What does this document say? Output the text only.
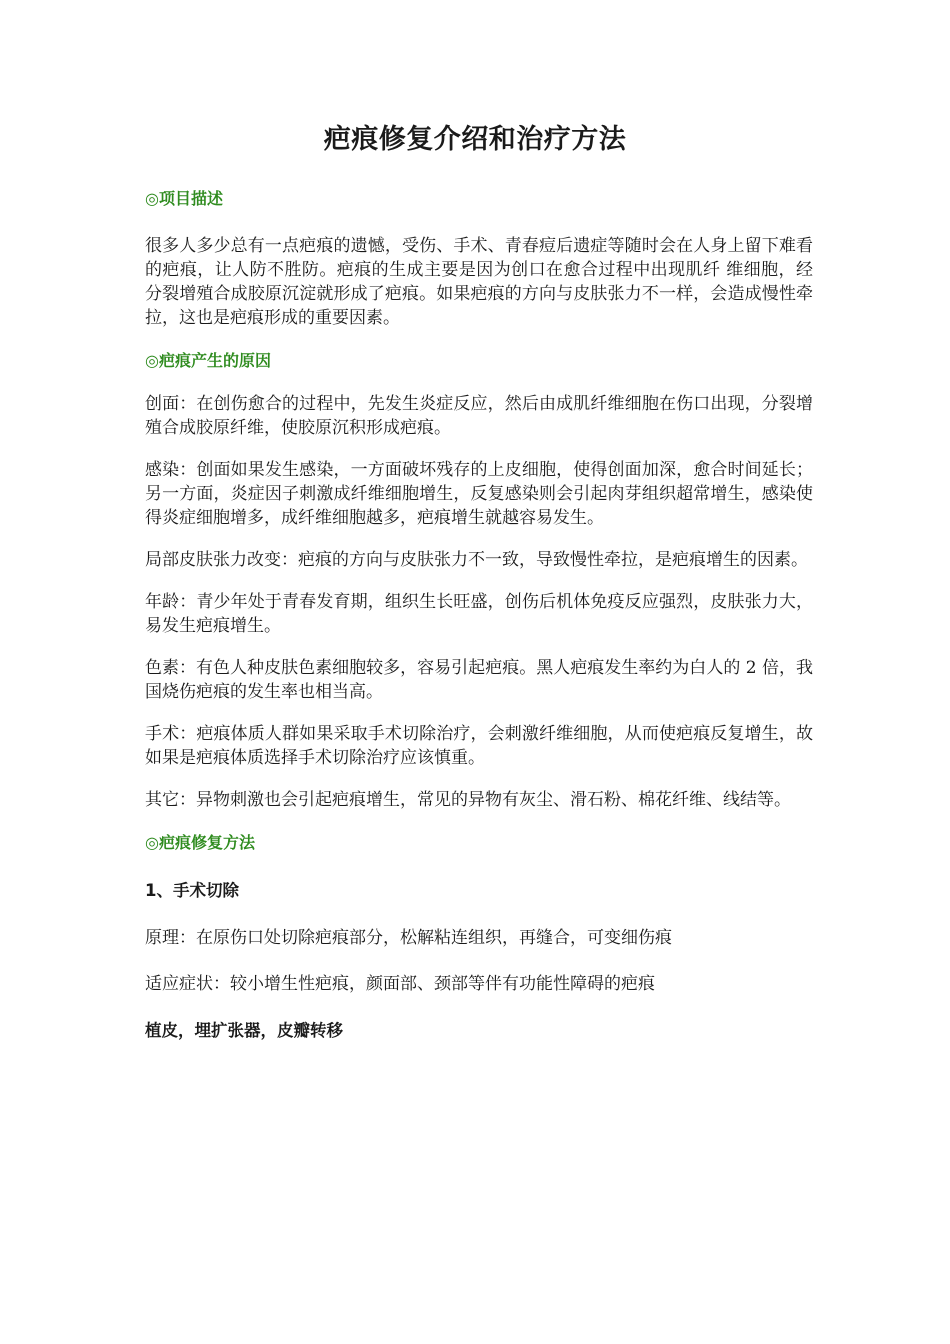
疤痕修复介绍和治疗方法

◎项目描述

很多人多少总有一点疤痕的遗憾，受伤、手术、青春痘后遗症等随时会在人身上留下难看的疤痕，让人防不胜防。疤痕的生成主要是因为创口在愈合过程中出现肌纤 维细胞，经分裂增殖合成胶原沉淀就形成了疤痕。如果疤痕的方向与皮肤张力不一样，会造成慢性牵拉，这也是疤痕形成的重要因素。

◎疤痕产生的原因

创面：在创伤愈合的过程中，先发生炎症反应，然后由成肌纤维细胞在伤口出现，分裂增殖合成胶原纤维，使胶原沉积形成疤痕。

感染：创面如果发生感染，一方面破坏残存的上皮细胞，使得创面加深，愈合时间延长；另一方面，炎症因子刺激成纤维细胞增生，反复感染则会引起肉芽组织超常增生，感染使得炎症细胞增多，成纤维细胞越多，疤痕增生就越容易发生。

局部皮肤张力改变：疤痕的方向与皮肤张力不一致，导致慢性牵拉，是疤痕增生的因素。

年龄：青少年处于青春发育期，组织生长旺盛，创伤后机体免疫反应强烈，皮肤张力大，易发生疤痕增生。

色素：有色人种皮肤色素细胞较多，容易引起疤痕。黑人疤痕发生率约为白人的 2 倍，我国烧伤疤痕的发生率也相当高。

手术：疤痕体质人群如果采取手术切除治疗，会刺激纤维细胞，从而使疤痕反复增生，故如果是疤痕体质选择手术切除治疗应该慎重。

其它：异物刺激也会引起疤痕增生，常见的异物有灰尘、滑石粉、棉花纤维、线结等。

◎疤痕修复方法

1、手术切除

原理：在原伤口处切除疤痕部分，松解粘连组织，再缝合，可变细伤痕

适应症状：较小增生性疤痕，颜面部、颈部等伴有功能性障碍的疤痕

植皮，埋扩张器，皮瓣转移
